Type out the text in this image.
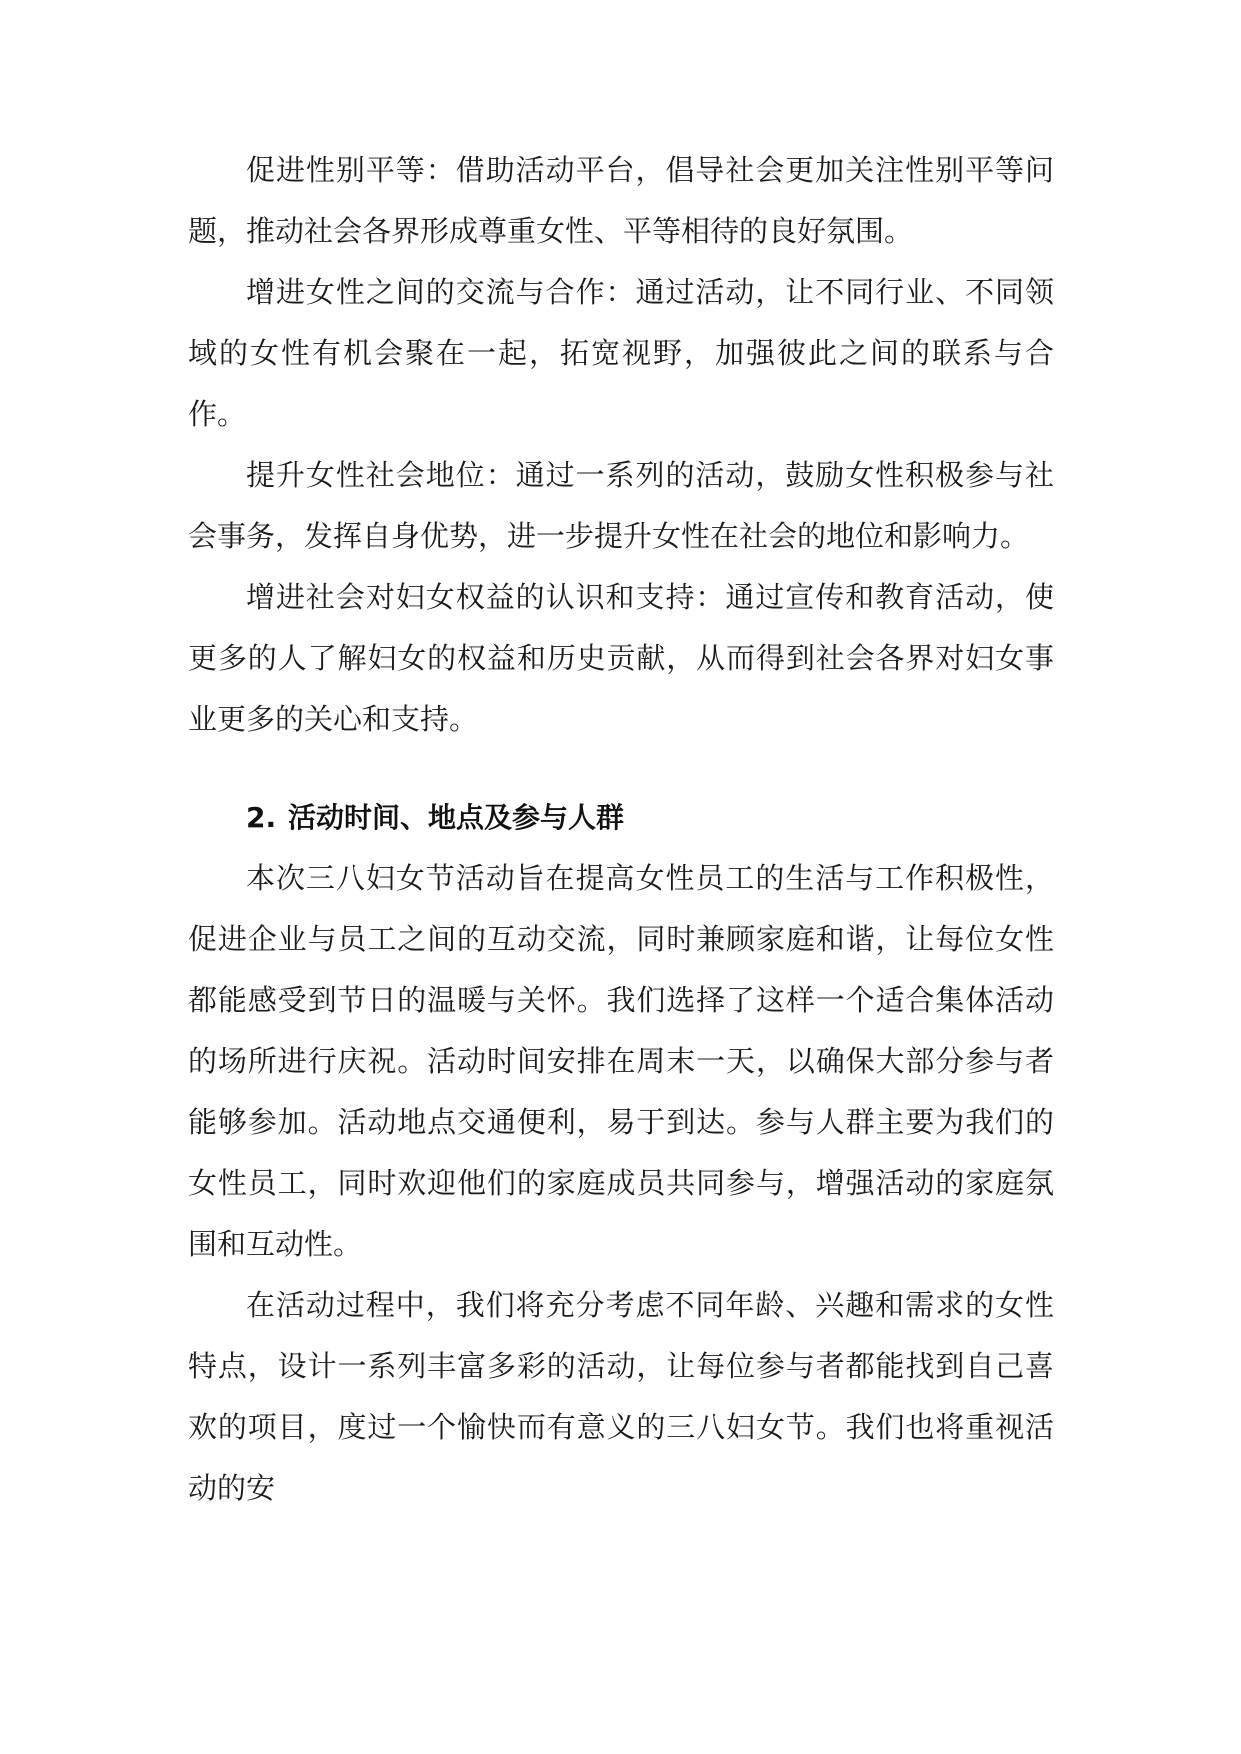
促进性别平等：借助活动平台，倡导社会更加关注性别平等问题，推动社会各界形成尊重女性、平等相待的良好氛围。

增进女性之间的交流与合作：通过活动，让不同行业、不同领域的女性有机会聚在一起，拓宽视野，加强彼此之间的联系与合作。

提升女性社会地位：通过一系列的活动，鼓励女性积极参与社会事务，发挥自身优势，进一步提升女性在社会的地位和影响力。

增进社会对妇女权益的认识和支持：通过宣传和教育活动，使更多的人了解妇女的权益和历史贡献，从而得到社会各界对妇女事业更多的关心和支持。

2. 活动时间、地点及参与人群

本次三八妇女节活动旨在提高女性员工的生活与工作积极性，促进企业与员工之间的互动交流，同时兼顾家庭和谐，让每位女性都能感受到节日的温暖与关怀。我们选择了这样一个适合集体活动的场所进行庆祝。活动时间安排在周末一天，以确保大部分参与者能够参加。活动地点交通便利，易于到达。参与人群主要为我们的女性员工，同时欢迎他们的家庭成员共同参与，增强活动的家庭氛围和互动性。

在活动过程中，我们将充分考虑不同年龄、兴趣和需求的女性特点，设计一系列丰富多彩的活动，让每位参与者都能找到自己喜欢的项目，度过一个愉快而有意义的三八妇女节。我们也将重视活动的安
